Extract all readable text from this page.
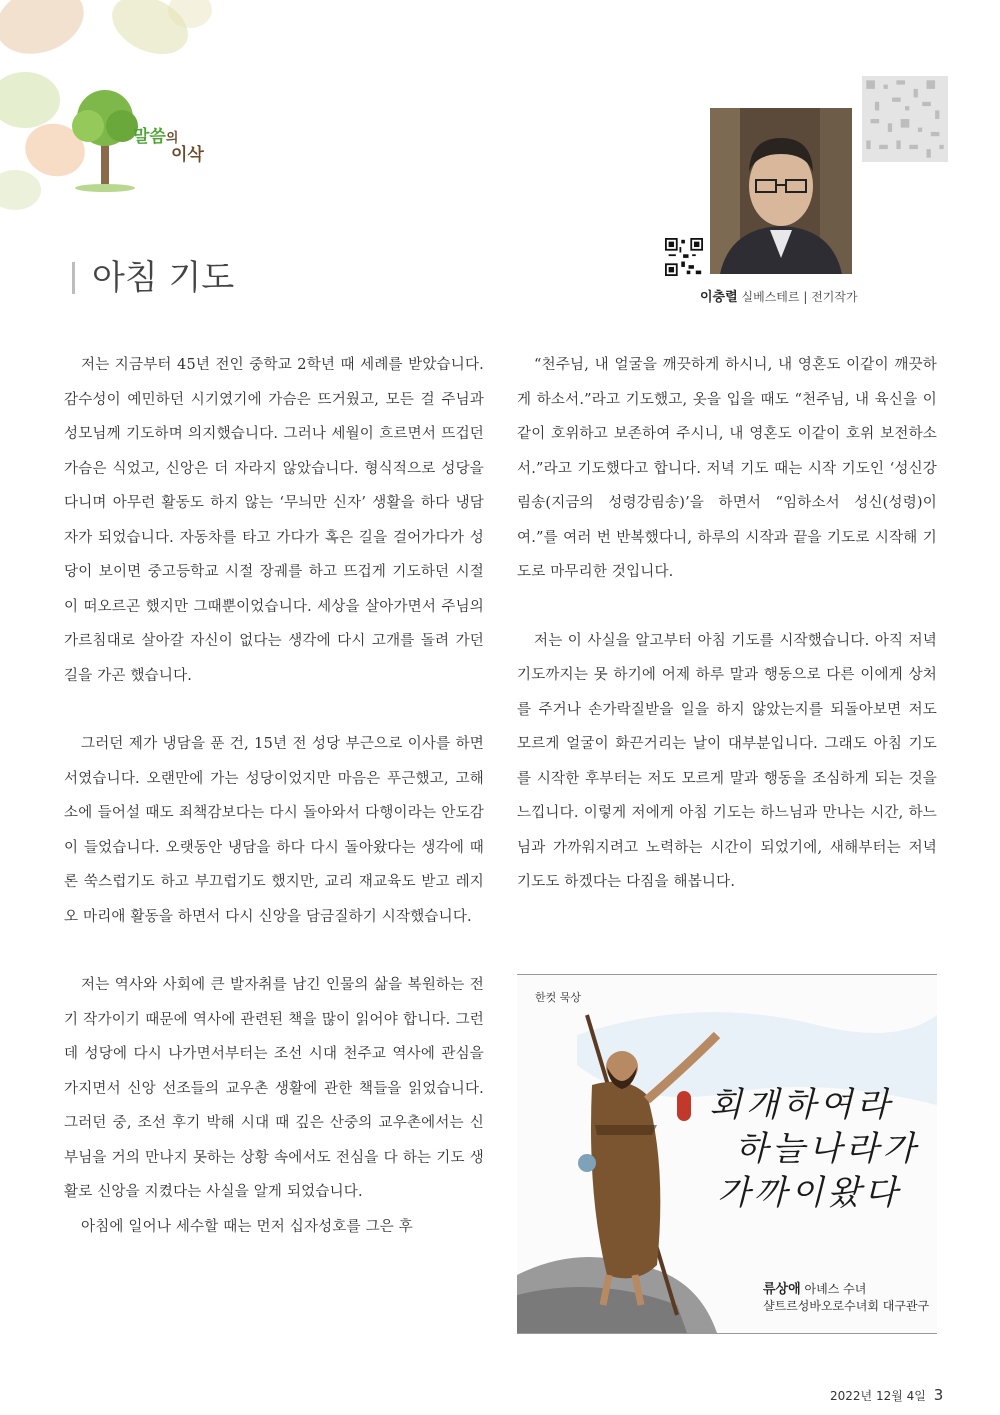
말씀의
이삭
아침 기도	이충렬 실베스테르 | 전기작가

저는 지금부터 45년 전인 중학교 2학년 때 세례를 받았습니다. 감수성이 예민하던 시기였기에 가슴은 뜨거웠고, 모든 걸 주님과 성모님께 기도하며 의지했습니다. 그러나 세월이 흐르면서 뜨겁던 가슴은 식었고, 신앙은 더 자라지 않았습니다. 형식적으로 성당을 다니며 아무런 활동도 하지 않는 ‘무늬만 신자’ 생활을 하다 냉담자가 되었습니다. 자동차를 타고 가다가 혹은 길을 걸어가다가 성당이 보이면 중고등학교 시절 장궤를 하고 뜨겁게 기도하던 시절이 떠오르곤 했지만 그때뿐이었습니다. 세상을 살아가면서 주님의 가르침대로 살아갈 자신이 없다는 생각에 다시 고개를 돌려 가던 길을 가곤 했습니다.

그러던 제가 냉담을 푼 건, 15년 전 성당 부근으로 이사를 하면서였습니다. 오랜만에 가는 성당이었지만 마음은 푸근했고, 고해소에 들어설 때도 죄책감보다는 다시 돌아와서 다행이라는 안도감이 들었습니다. 오랫동안 냉담을 하다 다시 돌아왔다는 생각에 때론 쑥스럽기도 하고 부끄럽기도 했지만, 교리 재교육도 받고 레지오 마리애 활동을 하면서 다시 신앙을 담금질하기 시작했습니다.

저는 역사와 사회에 큰 발자취를 남긴 인물의 삶을 복원하는 전기 작가이기 때문에 역사에 관련된 책을 많이 읽어야 합니다. 그런데 성당에 다시 나가면서부터는 조선 시대 천주교 역사에 관심을 가지면서 신앙 선조들의 교우촌 생활에 관한 책들을 읽었습니다. 그러던 중, 조선 후기 박해 시대 때 깊은 산중의 교우촌에서는 신부님을 거의 만나지 못하는 상황 속에서도 전심을 다 하는 기도 생활로 신앙을 지켰다는 사실을 알게 되었습니다.

아침에 일어나 세수할 때는 먼저 십자성호를 그은 후

“천주님, 내 얼굴을 깨끗하게 하시니, 내 영혼도 이같이 깨끗하게 하소서.”라고 기도했고, 옷을 입을 때도 “천주님, 내 육신을 이같이 호위하고 보존하여 주시니, 내 영혼도 이같이 호위 보전하소서.”라고 기도했다고 합니다. 저녁 기도 때는 시작 기도인 ‘성신강림송(지금의 성령강림송)’을 하면서 “임하소서 성신(성령)이여.”를 여러 번 반복했다니, 하루의 시작과 끝을 기도로 시작해 기도로 마무리한 것입니다.

저는 이 사실을 알고부터 아침 기도를 시작했습니다. 아직 저녁 기도까지는 못 하기에 어제 하루 말과 행동으로 다른 이에게 상처를 주거나 손가락질받을 일을 하지 않았는지를 되돌아보면 저도 모르게 얼굴이 화끈거리는 날이 대부분입니다. 그래도 아침 기도를 시작한 후부터는 저도 모르게 말과 행동을 조심하게 되는 것을 느낍니다. 이렇게 저에게 아침 기도는 하느님과 만나는 시간, 하느님과 가까워지려고 노력하는 시간이 되었기에, 새해부터는 저녁 기도도 하겠다는 다짐을 해봅니다.

한컷 묵상
회개하여라
하늘나라가
가까이왔다
류상애 아녜스 수녀
샬트르성바오로수녀회 대구관구
2022년 12월 4일 3
